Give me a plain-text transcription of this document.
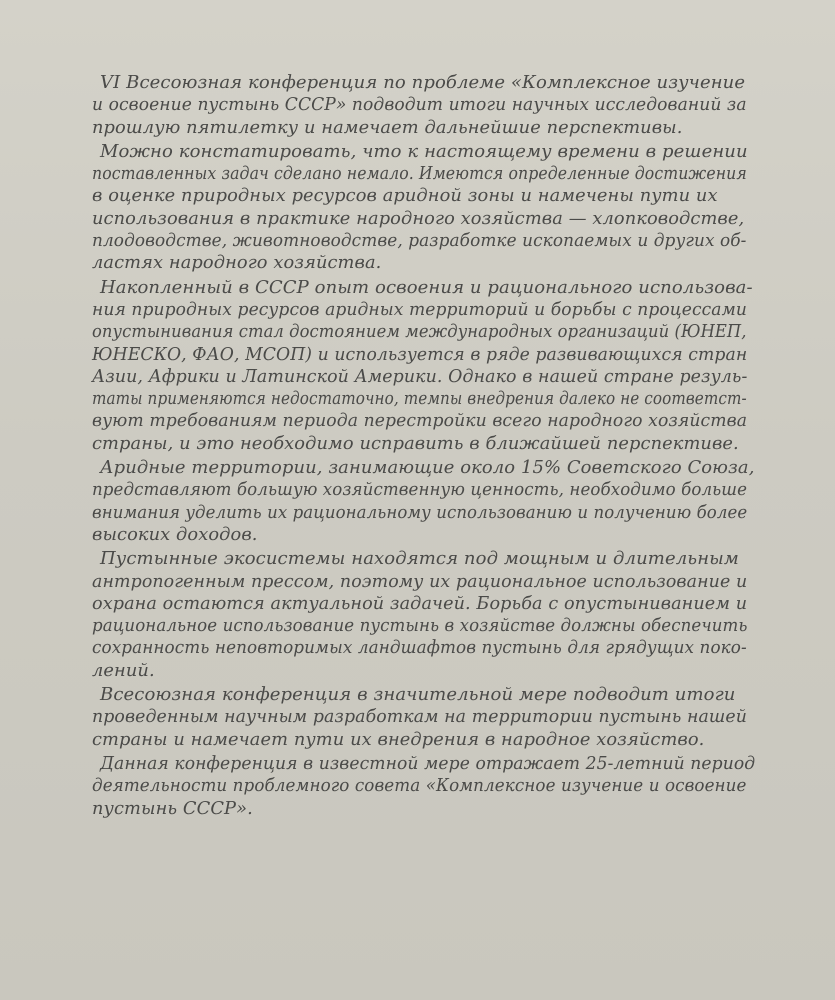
VI Всесоюзная конференция по проблеме «Комплексное изучение
и освоение пустынь СССР» подводит итоги научных исследований за
прошлую пятилетку и намечает дальнейшие перспективы.
Можно констатировать, что к настоящему времени в решении
поставленных задач сделано немало. Имеются определенные достижения
в оценке природных ресурсов аридной зоны и намечены пути их
использования в практике народного хозяйства — хлопководстве,
плодоводстве, животноводстве, разработке ископаемых и других об-
ластях народного хозяйства.
Накопленный в СССР опыт освоения и рационального использова-
ния природных ресурсов аридных территорий и борьбы с процессами
опустынивания стал достоянием международных организаций (ЮНЕП,
ЮНЕСКО, ФАО, МСОП) и используется в ряде развивающихся стран
Азии, Африки и Латинской Америки. Однако в нашей стране резуль-
таты применяются недостаточно, темпы внедрения далеко не соответст-
вуют требованиям периода перестройки всего народного хозяйства
страны, и это необходимо исправить в ближайшей перспективе.
Аридные территории, занимающие около 15% Советского Союза,
представляют большую хозяйственную ценность, необходимо больше
внимания уделить их рациональному использованию и получению более
высоких доходов.
Пустынные экосистемы находятся под мощным и длительным
антропогенным прессом, поэтому их рациональное использование и
охрана остаются актуальной задачей. Борьба с опустыниванием и
рациональное использование пустынь в хозяйстве должны обеспечить
сохранность неповторимых ландшафтов пустынь для грядущих поко-
лений.
Всесоюзная конференция в значительной мере подводит итоги
проведенным научным разработкам на территории пустынь нашей
страны и намечает пути их внедрения в народное хозяйство.
Данная конференция в известной мере отражает 25-летний период
деятельности проблемного совета «Комплексное изучение и освоение
пустынь СССР».
